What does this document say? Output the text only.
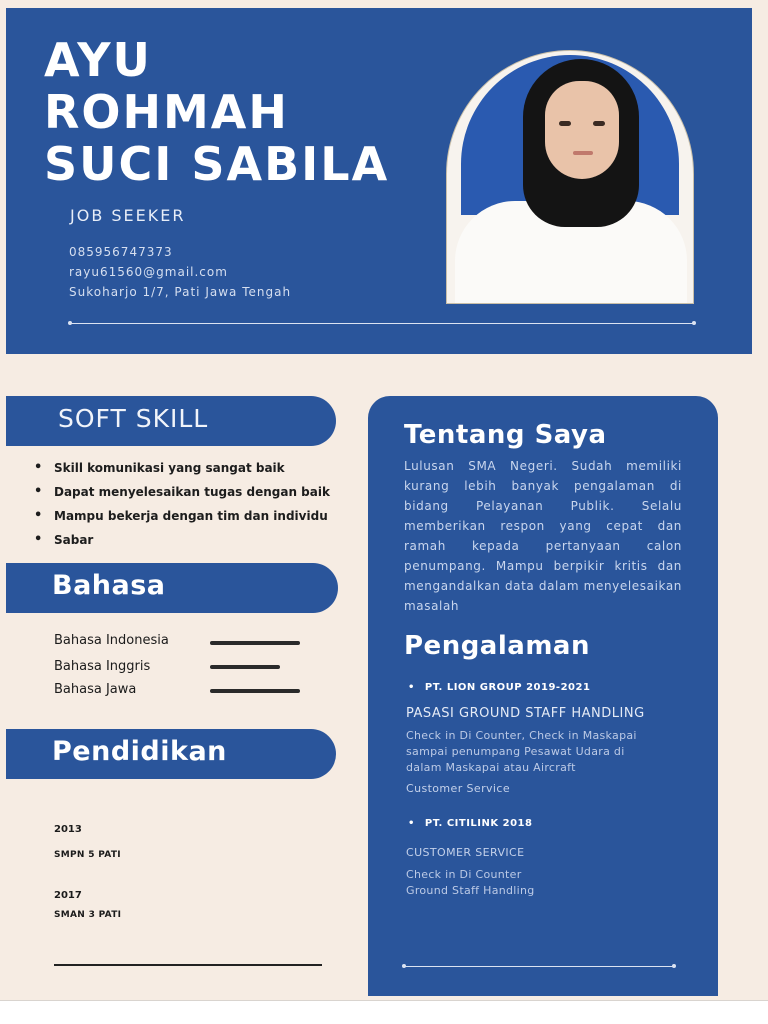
AYU
ROHMAH
SUCI SABILA
JOB SEEKER
085956747373
rayu61560@gmail.com
Sukoharjo 1/7, Pati Jawa Tengah
SOFT SKILL
• Skill komunikasi yang sangat baik
• Dapat menyelesaikan tugas dengan baik
• Mampu bekerja dengan tim dan individu
• Sabar
Bahasa
Bahasa Indonesia
Bahasa Inggris
Bahasa Jawa
Pendidikan
2013
SMPN 5 PATI
2017
SMAN 3 PATI
Tentang Saya
Lulusan SMA Negeri. Sudah memiliki kurang lebih banyak pengalaman di bidang Pelayanan Publik. Selalu memberikan respon yang cepat dan ramah kepada pertanyaan calon penumpang. Mampu berpikir kritis dan mengandalkan data dalam menyelesaikan masalah
Pengalaman
• PT. LION GROUP 2019-2021
PASASI GROUND STAFF HANDLING
Check in Di Counter, Check in Maskapai
sampai penumpang Pesawat Udara di
dalam Maskapai atau Aircraft
Customer Service
• PT. CITILINK 2018
CUSTOMER SERVICE
Check in Di Counter
Ground Staff Handling
